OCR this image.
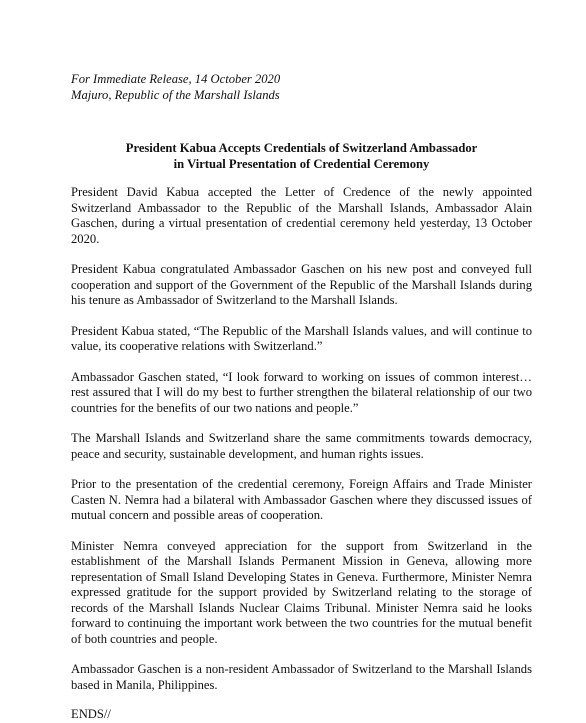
For Immediate Release, 14 October 2020
Majuro, Republic of the Marshall Islands
President Kabua Accepts Credentials of Switzerland Ambassador
in Virtual Presentation of Credential Ceremony

President David Kabua accepted the Letter of Credence of the newly appointed Switzerland Ambassador to the Republic of the Marshall Islands, Ambassador Alain Gaschen, during a virtual presentation of credential ceremony held yesterday, 13 October 2020.

President Kabua congratulated Ambassador Gaschen on his new post and conveyed full cooperation and support of the Government of the Republic of the Marshall Islands during his tenure as Ambassador of Switzerland to the Marshall Islands.

President Kabua stated, “The Republic of the Marshall Islands values, and will continue to value, its cooperative relations with Switzerland.”

Ambassador Gaschen stated, “I look forward to working on issues of common interest…rest assured that I will do my best to further strengthen the bilateral relationship of our two countries for the benefits of our two nations and people.”

The Marshall Islands and Switzerland share the same commitments towards democracy, peace and security, sustainable development, and human rights issues.

Prior to the presentation of the credential ceremony, Foreign Affairs and Trade Minister Casten N. Nemra had a bilateral with Ambassador Gaschen where they discussed issues of mutual concern and possible areas of cooperation.

Minister Nemra conveyed appreciation for the support from Switzerland in the establishment of the Marshall Islands Permanent Mission in Geneva, allowing more representation of Small Island Developing States in Geneva. Furthermore, Minister Nemra expressed gratitude for the support provided by Switzerland relating to the storage of records of the Marshall Islands Nuclear Claims Tribunal. Minister Nemra said he looks forward to continuing the important work between the two countries for the mutual benefit of both countries and people.

Ambassador Gaschen is a non-resident Ambassador of Switzerland to the Marshall Islands based in Manila, Philippines.

ENDS//
